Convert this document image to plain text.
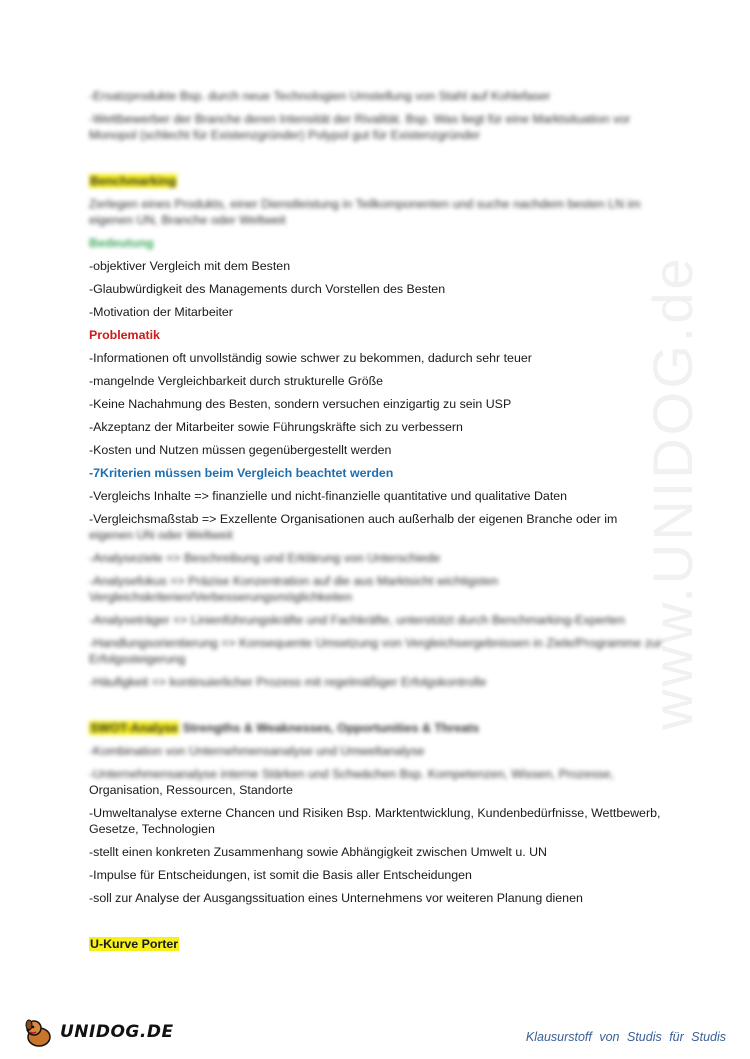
www.UNIDOG.de
-Ersatzprodukte Bsp. durch neue Technologien Umstellung von Stahl auf Kohlefaser
-Wettbewerber der Branche deren Intensität der Rivalität. Bsp. Was liegt für eine Marktsituation vor Monopol (schlecht für Existenzgründer) Polypol gut für Existenzgründer
Benchmarking
Zerlegen eines Produkts, einer Dienstleistung in Teilkomponenten und suche nachdem besten LN im eigenen UN, Branche oder Weltweit
Bedeutung
-objektiver Vergleich mit dem Besten
-Glaubwürdigkeit des Managements durch Vorstellen des Besten
-Motivation der Mitarbeiter
Problematik
-Informationen oft unvollständig sowie schwer zu bekommen, dadurch sehr teuer
-mangelnde Vergleichbarkeit durch strukturelle Größe
-Keine Nachahmung des Besten, sondern versuchen einzigartig zu sein USP
-Akzeptanz der Mitarbeiter sowie Führungskräfte sich zu verbessern
-Kosten und Nutzen müssen gegenübergestellt werden
-7Kriterien müssen beim Vergleich beachtet werden
-Vergleichs Inhalte => finanzielle und nicht-finanzielle quantitative und qualitative Daten
-Vergleichsmaßstab => Exzellente Organisationen auch außerhalb der eigenen Branche oder im
eigenen UN oder Weltweit
-Analyseziele => Beschreibung und Erklärung von Unterschiede
-Analysefokus => Präzise Konzentration auf die aus Marktsicht wichtigsten Vergleichskriterien/Verbesserungsmöglichkeiten
-Analyseträger => Linienführungskräfte und Fachkräfte, unterstützt durch Benchmarking-Experten
-Handlungsorientierung => Konsequente Umsetzung von Vergleichsergebnissen in Ziele/Programme zur Erfolgssteigerung
-Häufigkeit => kontinuierlicher Prozess mit regelmäßiger Erfolgskontrolle
SWOT-Analyse Strengths & Weaknesses, Opportunities & Threats
-Kombination von Unternehmensanalyse und Umweltanalyse
-Unternehmensanalyse interne Stärken und Schwächen Bsp. Kompetenzen, Wissen, Prozesse,
Organisation, Ressourcen, Standorte
-Umweltanalyse externe Chancen und Risiken Bsp. Marktentwicklung, Kundenbedürfnisse, Wettbewerb, Gesetze, Technologien
-stellt einen konkreten Zusammenhang sowie Abhängigkeit zwischen Umwelt u. UN
-Impulse für Entscheidungen, ist somit die Basis aller Entscheidungen
-soll zur Analyse der Ausgangssituation eines Unternehmens vor weiteren Planung dienen
U-Kurve Porter
UNIDOG.DE	Klausurstoff von Studis für Studis
